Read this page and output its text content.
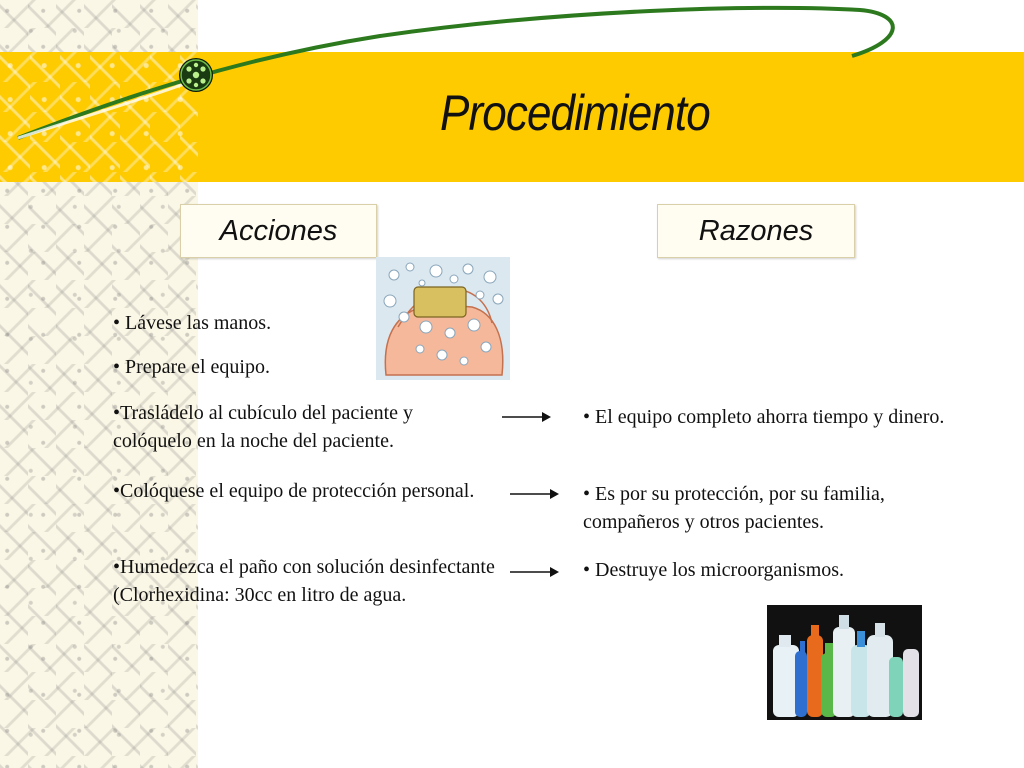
Procedimiento
Acciones	Razones
• Lávese las manos.
• Prepare el equipo.
•Trasládelo al cubículo del paciente y colóquelo en la noche del paciente.
•Colóquese el equipo de protección personal.
•Humedezca el paño con solución desinfectante (Clorhexidina: 30cc en litro de agua.
• El equipo completo ahorra tiempo y dinero.
• Es por su protección, por su familia, compañeros y otros pacientes.
• Destruye los microorganismos.
